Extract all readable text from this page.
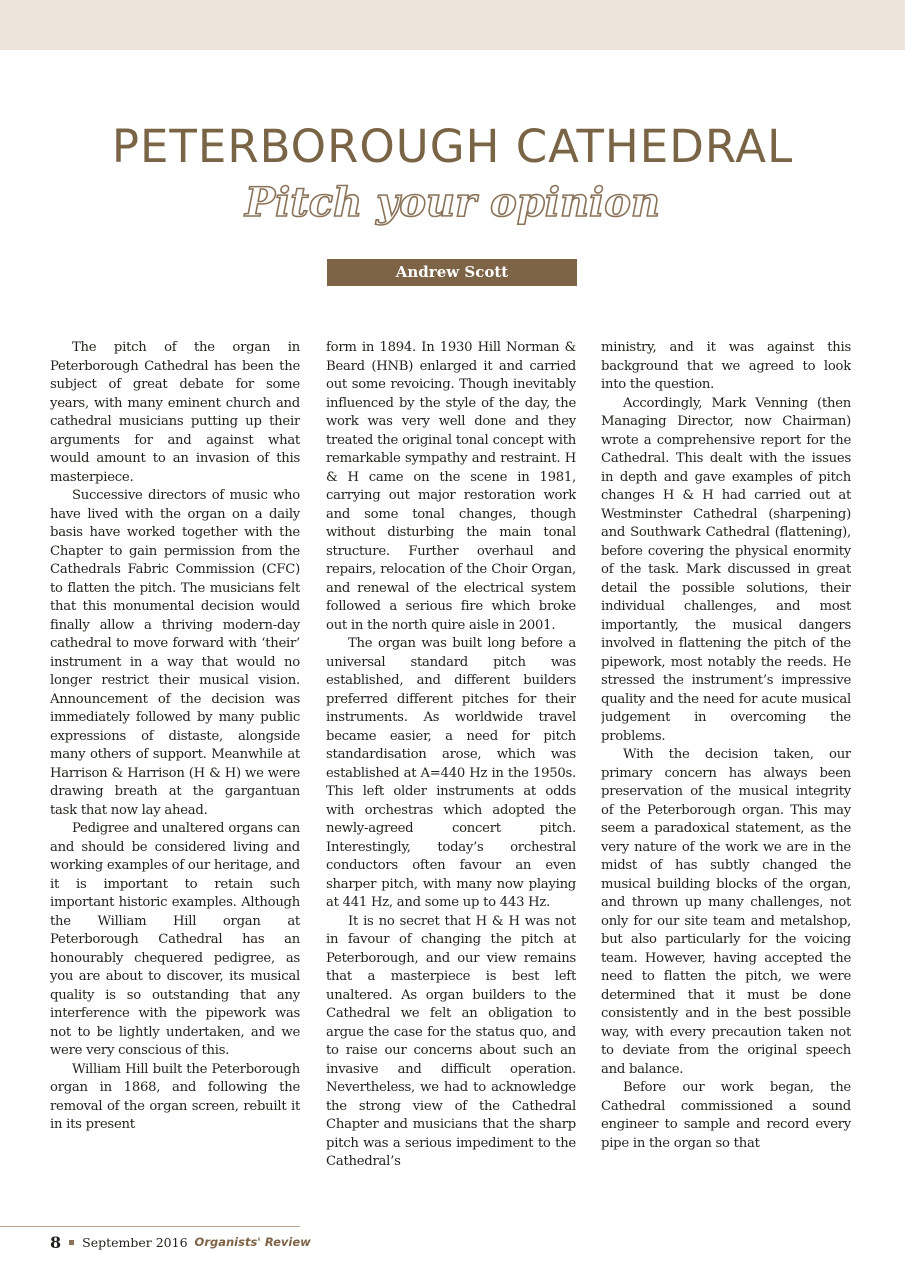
PETERBOROUGH CATHEDRAL
Pitch your opinion
Andrew Scott

The pitch of the organ in Peterborough Cathedral has been the subject of great debate for some years, with many eminent church and cathedral musicians putting up their arguments for and against what would amount to an invasion of this masterpiece.

Successive directors of music who have lived with the organ on a daily basis have worked together with the Chapter to gain permission from the Cathedrals Fabric Commission (CFC) to flatten the pitch. The musicians felt that this monumental decision would finally allow a thriving modern-day cathedral to move forward with ‘their’ instrument in a way that would no longer restrict their musical vision. Announcement of the decision was immediately followed by many public expressions of distaste, alongside many others of support. Meanwhile at Harrison & Harrison (H & H) we were drawing breath at the gargantuan task that now lay ahead.

Pedigree and unaltered organs can and should be considered living and working examples of our heritage, and it is important to retain such important historic examples. Although the William Hill organ at Peterborough Cathedral has an honourably chequered pedigree, as you are about to discover, its musical quality is so outstanding that any interference with the pipework was not to be lightly undertaken, and we were very conscious of this.

William Hill built the Peterborough organ in 1868, and following the removal of the organ screen, rebuilt it in its present

form in 1894. In 1930 Hill Norman & Beard (HNB) enlarged it and carried out some revoicing. Though inevitably influenced by the style of the day, the work was very well done and they treated the original tonal concept with remarkable sympathy and restraint. H & H came on the scene in 1981, carrying out major restoration work and some tonal changes, though without disturbing the main tonal structure. Further overhaul and repairs, relocation of the Choir Organ, and renewal of the electrical system followed a serious fire which broke out in the north quire aisle in 2001.

The organ was built long before a universal standard pitch was established, and different builders preferred different pitches for their instruments. As worldwide travel became easier, a need for pitch standardisation arose, which was established at A=440 Hz in the 1950s. This left older instruments at odds with orchestras which adopted the newly-agreed concert pitch. Interestingly, today’s orchestral conductors often favour an even sharper pitch, with many now playing at 441 Hz, and some up to 443 Hz.

It is no secret that H & H was not in favour of changing the pitch at Peterborough, and our view remains that a masterpiece is best left unaltered. As organ builders to the Cathedral we felt an obligation to argue the case for the status quo, and to raise our concerns about such an invasive and difficult operation. Nevertheless, we had to acknowledge the strong view of the Cathedral Chapter and musicians that the sharp pitch was a serious impediment to the Cathedral’s

ministry, and it was against this background that we agreed to look into the question.

Accordingly, Mark Venning (then Managing Director, now Chairman) wrote a comprehensive report for the Cathedral. This dealt with the issues in depth and gave examples of pitch changes H & H had carried out at Westminster Cathedral (sharpening) and Southwark Cathedral (flattening), before covering the physical enormity of the task. Mark discussed in great detail the possible solutions, their individual challenges, and most importantly, the musical dangers involved in flattening the pitch of the pipework, most notably the reeds. He stressed the instrument’s impressive quality and the need for acute musical judgement in overcoming the problems.

With the decision taken, our primary concern has always been preservation of the musical integrity of the Peterborough organ. This may seem a paradoxical statement, as the very nature of the work we are in the midst of has subtly changed the musical building blocks of the organ, and thrown up many challenges, not only for our site team and metalshop, but also particularly for the voicing team. However, having accepted the need to flatten the pitch, we were determined that it must be done consistently and in the best possible way, with every precaution taken not to deviate from the original speech and balance.

Before our work began, the Cathedral commissioned a sound engineer to sample and record every pipe in the organ so that

8 September 2016 Organists' Review
